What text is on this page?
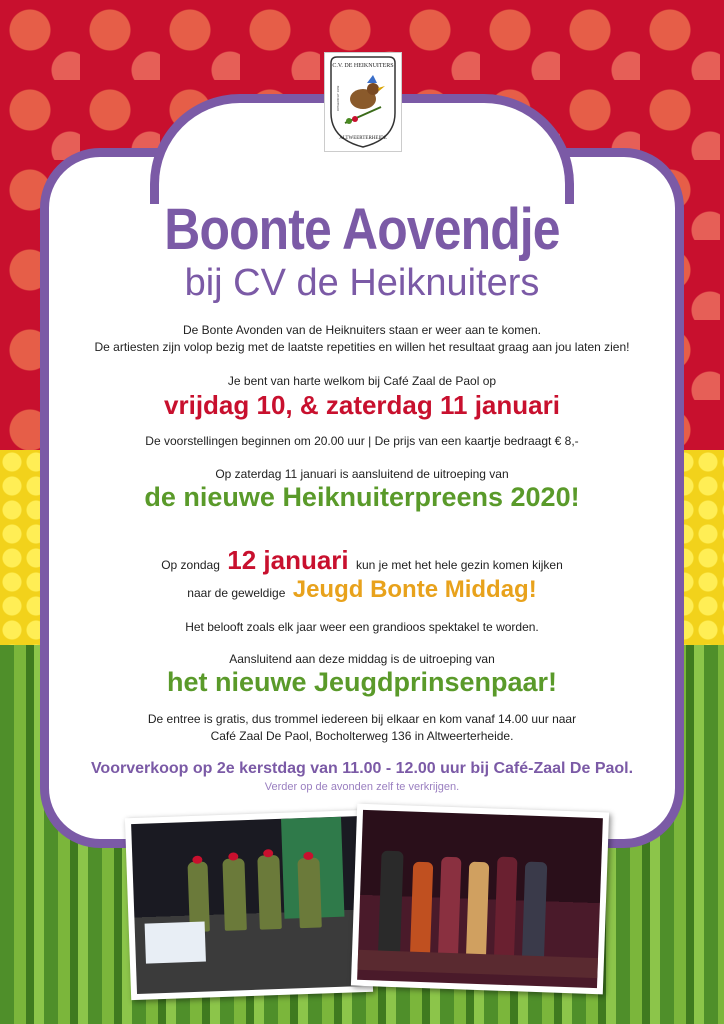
C.V. DE HEIKNUITERS
ALTWEERTERHEIDE
OPGERICHT 1969
Boonte Aovendje
bij CV de Heiknuiters
De Bonte Avonden van de Heiknuiters staan er weer aan te komen.
De artiesten zijn volop bezig met de laatste repetities en willen het resultaat graag aan jou laten zien!
Je bent van harte welkom bij Café Zaal de Paol op
vrijdag 10, & zaterdag 11 januari
De voorstellingen beginnen om 20.00 uur | De prijs van een kaartje bedraagt € 8,-
Op zaterdag 11 januari is aansluitend de uitroeping van
de nieuwe Heiknuiterpreens 2020!
Op zondag 12 januari kun je met het hele gezin komen kijken
naar de geweldige Jeugd Bonte Middag!
Het belooft zoals elk jaar weer een grandioos spektakel te worden.
Aansluitend aan deze middag is de uitroeping van
het nieuwe Jeugdprinsenpaar!
De entree is gratis, dus trommel iedereen bij elkaar en kom vanaf 14.00 uur naar
Café Zaal De Paol, Bocholterweg 136 in Altweerterheide.
Voorverkoop op 2e kerstdag van 11.00 - 12.00 uur bij Café-Zaal De Paol.
Verder op de avonden zelf te verkrijgen.
